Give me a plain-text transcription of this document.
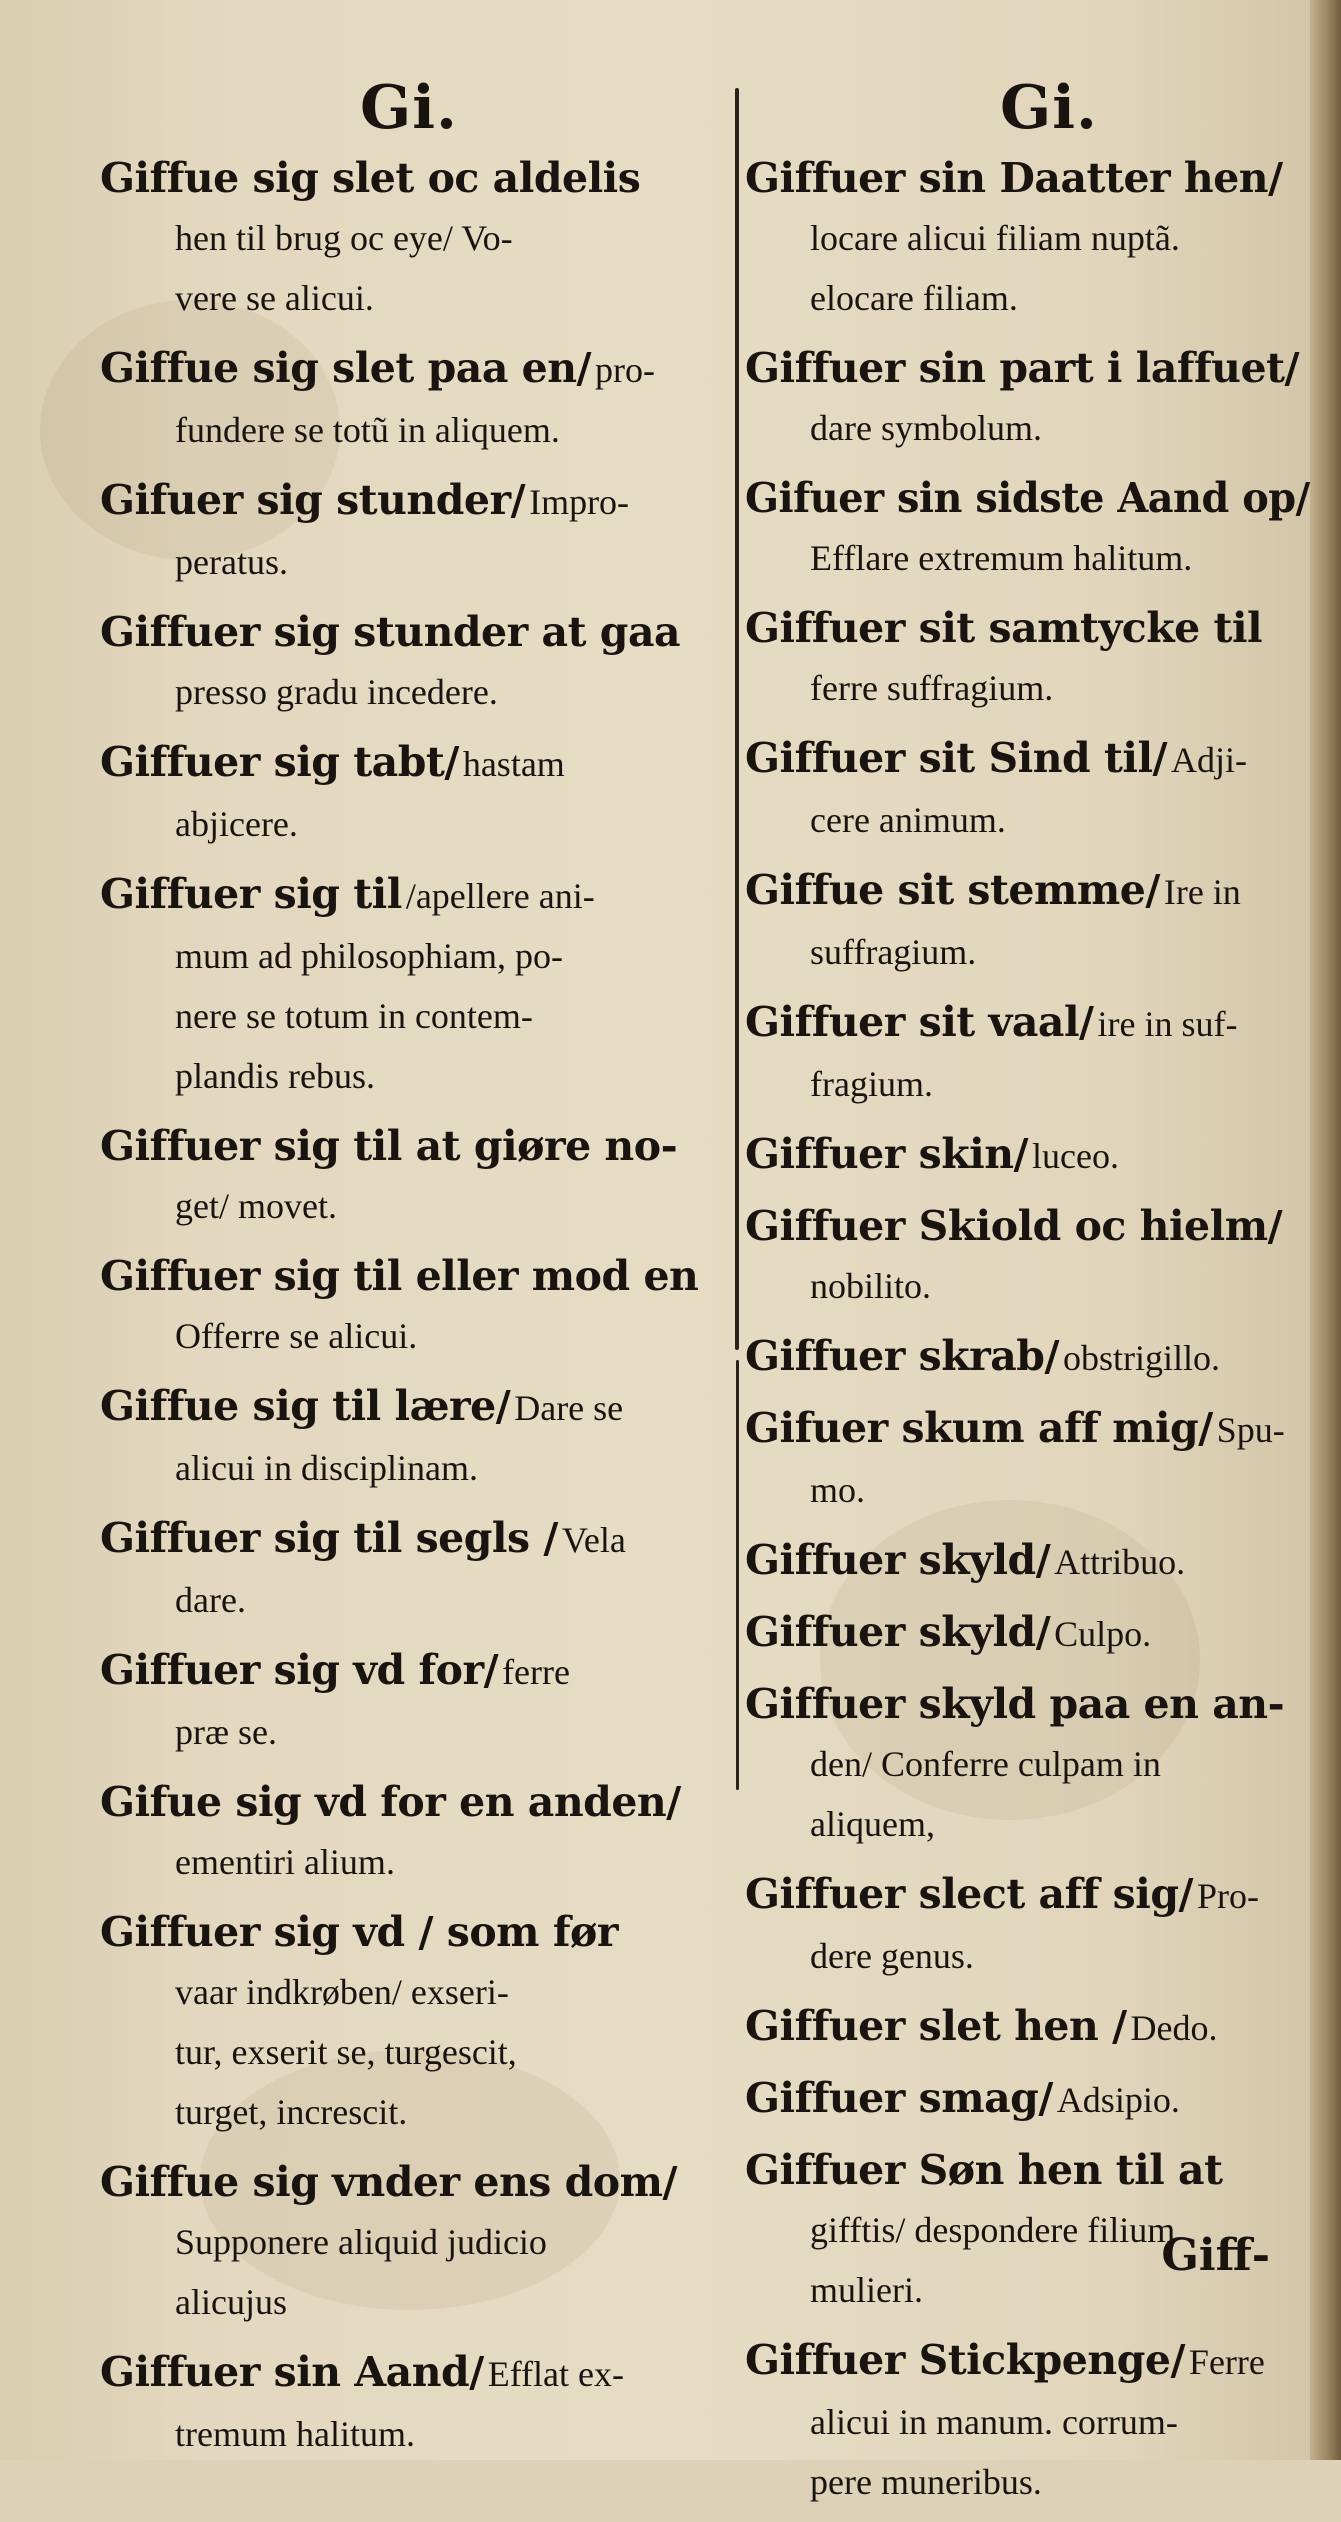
Gi.	Gi.
Giffue sig slet oc aldelis
hen til brug oc eye/ Vo-
vere se alicui.
Giffue sig slet paa en/ pro-
fundere se totũ in aliquem.
Gifuer sig stunder/ Impro-
peratus.
Giffuer sig stunder at gaa
presso gradu incedere.
Giffuer sig tabt/ hastam
abjicere.
Giffuer sig til /apellere ani-
mum ad philosophiam, po-
nere se totum in contem-
plandis rebus.
Giffuer sig til at giøre no-
get/ movet.
Giffuer sig til eller mod en
Offerre se alicui.
Giffue sig til lære/ Dare se
alicui in disciplinam.
Giffuer sig til segls / Vela
dare.
Giffuer sig vd for/ ferre
præ se.
Gifue sig vd for en anden/
ementiri alium.
Giffuer sig vd / som før
vaar indkrøben/ exseri-
tur, exserit se, turgescit,
turget, increscit.
Giffue sig vnder ens dom/
Supponere aliquid judicio
alicujus
Giffuer sin Aand/ Efflat ex-
tremum halitum.
Giffuer sin Daatter hen/
locare alicui filiam nuptã.
elocare filiam.
Giffuer sin part i laffuet/
dare symbolum.
Gifuer sin sidste Aand op/
Efflare extremum halitum.
Giffuer sit samtycke til
ferre suffragium.
Giffuer sit Sind til/ Adji-
cere animum.
Giffue sit stemme/ Ire in
suffragium.
Giffuer sit vaal/ ire in suf-
fragium.
Giffuer skin/ luceo.
Giffuer Skiold oc hielm/
nobilito.
Giffuer skrab/ obstrigillo.
Gifuer skum aff mig/ Spu-
mo.
Giffuer skyld/ Attribuo.
Giffuer skyld/ Culpo.
Giffuer skyld paa en an-
den/ Conferre culpam in
aliquem,
Giffuer slect aff sig/ Pro-
dere genus.
Giffuer slet hen / Dedo.
Giffuer smag/ Adsipio.
Giffuer Søn hen til at
gifftis/ despondere filium
mulieri.
Giffuer Stickpenge/ Ferre
alicui in manum. corrum-
pere muneribus.
Giff-
